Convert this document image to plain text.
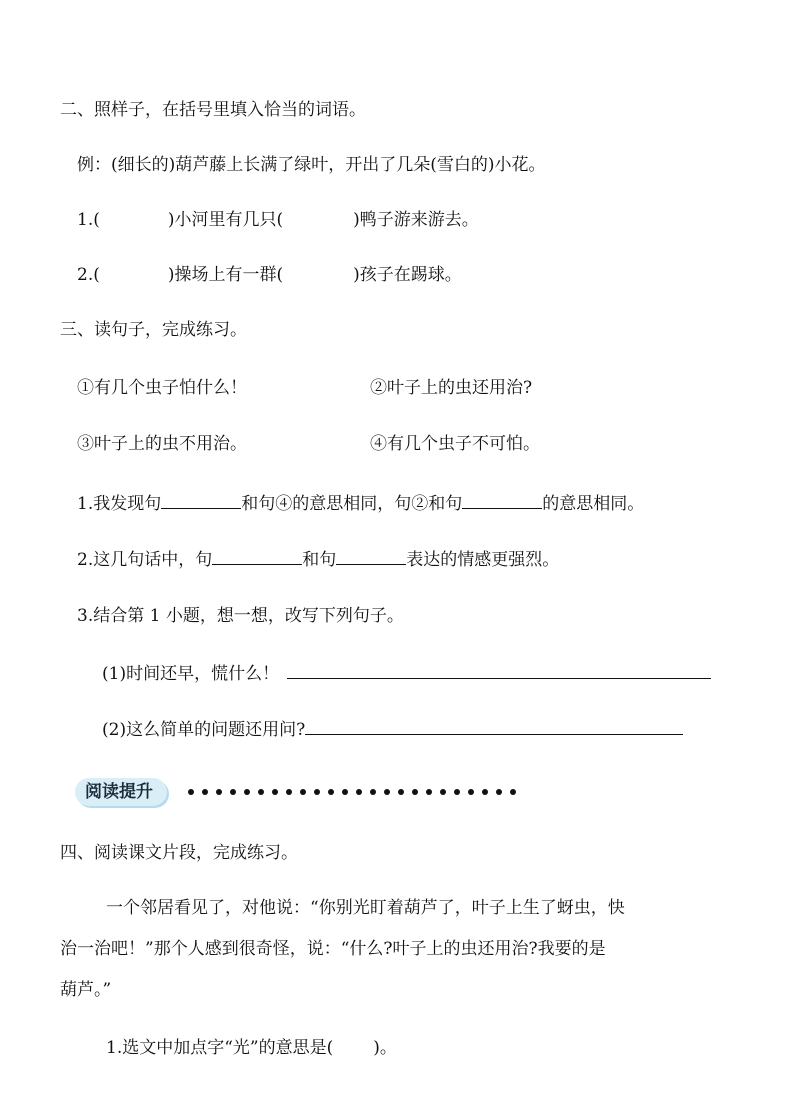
二、照样子，在括号里填入恰当的词语。
例：(细长的)葫芦藤上长满了绿叶，开出了几朵(雪白的)小花。
1.(	)小河里有几只(	)鸭子游来游去。
2.(	)操场上有一群(	)孩子在踢球。
三、读句子，完成练习。
①有几个虫子怕什么！	②叶子上的虫还用治?
③叶子上的虫不用治。	④有几个虫子不可怕。
1.我发现句	和句④的意思相同，句②和句	的意思相同。
2.这几句话中，句	和句	表达的情感更强烈。
3.结合第 1 小题，想一想，改写下列句子。
(1)时间还早，慌什么！
(2)这么简单的问题还用问?
阅读提升
四、阅读课文片段，完成练习。
一个邻居看见了，对他说：“你别光盯着葫芦了，叶子上生了蚜虫，快
治一治吧！”那个人感到很奇怪，说：“什么?叶子上的虫还用治?我要的是
葫芦。”
1.选文中加点字“光”的意思是( )。
